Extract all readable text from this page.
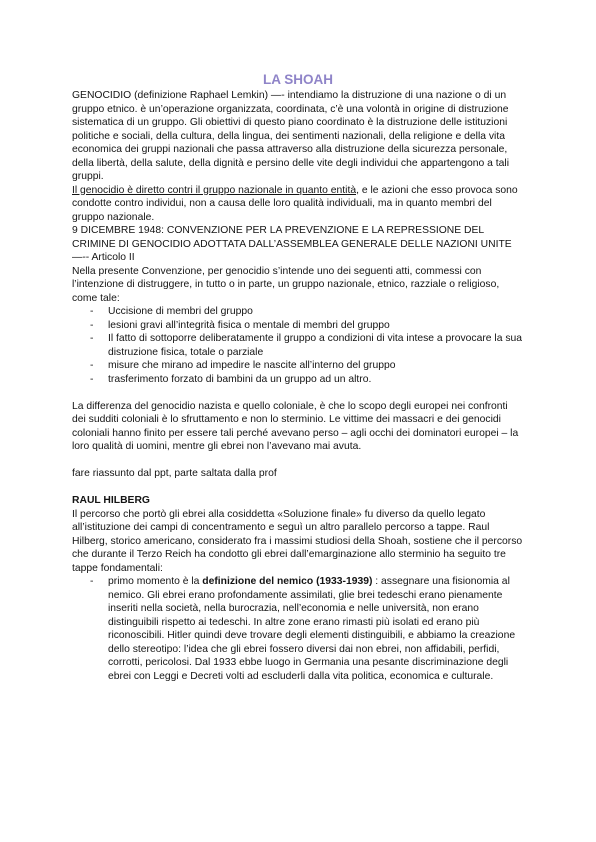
LA SHOAH

GENOCIDIO (definizione Raphael Lemkin) —- intendiamo la distruzione di una nazione o di un gruppo etnico. è un’operazione organizzata, coordinata, c’è una volontà in origine di distruzione sistematica di un gruppo. Gli obiettivi di questo piano coordinato è la distruzione delle istituzioni politiche e sociali, della cultura, della lingua, dei sentimenti nazionali, della religione e della vita economica dei gruppi nazionali che passa attraverso alla distruzione della sicurezza personale, della libertà, della salute, della dignità e persino delle vite degli individui che appartengono a tali gruppi.

Il genocidio è diretto contri il gruppo nazionale in quanto entità, e le azioni che esso provoca sono condotte contro individui, non a causa delle loro qualità individuali, ma in quanto membri del gruppo nazionale.

9 DICEMBRE 1948: CONVENZIONE PER LA PREVENZIONE E LA REPRESSIONE DEL CRIMINE DI GENOCIDIO ADOTTATA DALL’ASSEMBLEA GENERALE DELLE NAZIONI UNITE —-- Articolo II

Nella presente Convenzione, per genocidio s’intende uno dei seguenti atti, commessi con l’intenzione di distruggere, in tutto o in parte, un gruppo nazionale, etnico, razziale o religioso, come tale:

- Uccisione di membri del gruppo
- lesioni gravi all’integrità fisica o mentale di membri del gruppo
- Il fatto di sottoporre deliberatamente il gruppo a condizioni di vita intese a provocare la sua distruzione fisica, totale o parziale
- misure che mirano ad impedire le nascite all’interno del gruppo
- trasferimento forzato di bambini da un gruppo ad un altro.

La differenza del genocidio nazista e quello coloniale, è che lo scopo degli europei nei confronti dei sudditi coloniali è lo sfruttamento e non lo sterminio. Le vittime dei massacri e dei genocidi coloniali hanno finito per essere tali perché avevano perso – agli occhi dei dominatori europei – la loro qualità di uomini, mentre gli ebrei non l’avevano mai avuta.

fare riassunto dal ppt, parte saltata dalla prof

RAUL HILBERG

Il percorso che portò gli ebrei alla cosiddetta «Soluzione finale» fu diverso da quello legato all’istituzione dei campi di concentramento e seguì un altro parallelo percorso a tappe. Raul Hilberg, storico americano, considerato fra i massimi studiosi della Shoah, sostiene che il percorso che durante il Terzo Reich ha condotto gli ebrei dall’emarginazione allo sterminio ha seguito tre tappe fondamentali:

- primo momento è la definizione del nemico (1933-1939) : assegnare una fisionomia al nemico. Gli ebrei erano profondamente assimilati, glie brei tedeschi erano pienamente inseriti nella società, nella burocrazia, nell’economia e nelle università, non erano distinguibili rispetto ai tedeschi. In altre zone erano rimasti più isolati ed erano più riconoscibili. Hitler quindi deve trovare degli elementi distinguibili, e abbiamo la creazione dello stereotipo: l’idea che gli ebrei fossero diversi dai non ebrei, non affidabili, perfidi, corrotti, pericolosi. Dal 1933 ebbe luogo in Germania una pesante discriminazione degli ebrei con Leggi e Decreti volti ad escluderli dalla vita politica, economica e culturale.
